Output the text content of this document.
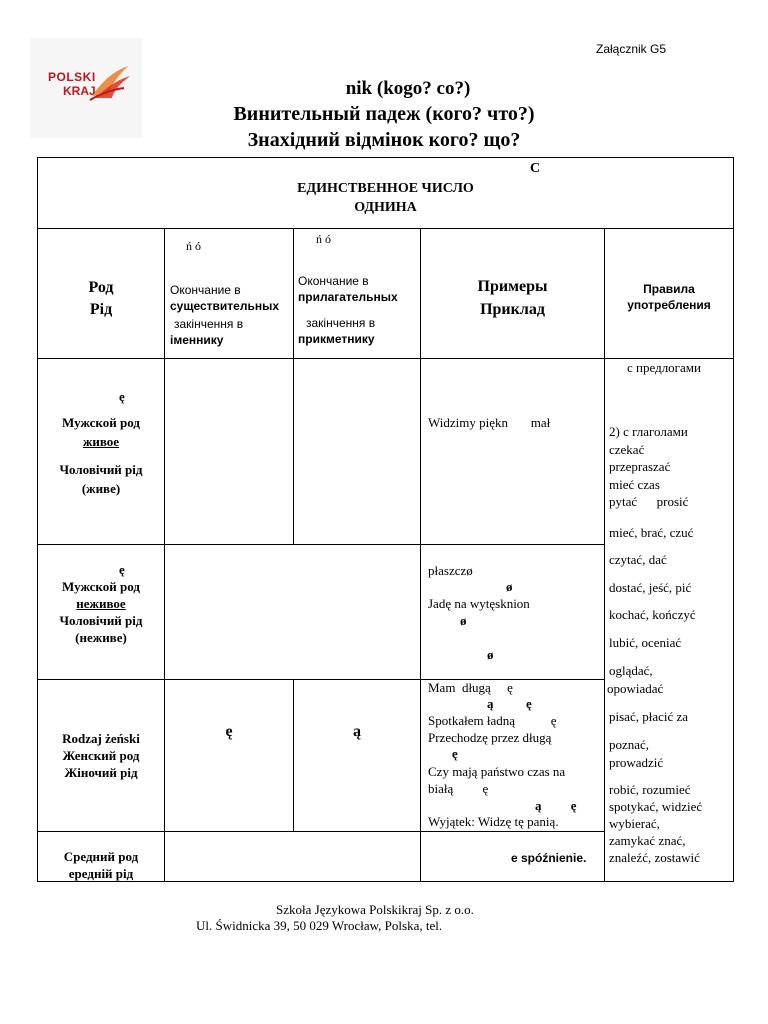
POLSKI
KRAJ
Załącznik G5
nik (kogo? co?)
Винительный падеж (кого? что?)
Знахідний відмінок кого? що?
С
ЕДИНСТВЕННОЕ ЧИСЛО
ОДНИНА
Род
Рід
ń ó
Окончание в
существительных
закінчення в
іменнику
ń ó
Окончание в
прилагательных
закінчення в
прикметнику
Примеры
Приклад
Правила
употребления
ę
Мужской род
живое
Чоловічий рід
(живе)
Widzimy piękn       mał
ę
Мужской род
неживое
Чоловічий рід
(неживе)
płaszczø
ø
Jadę na wytęsknion
ø
ø
Rodzaj żeński
Женский род
Жіночий рід
ę	ą
Mam  długą     ę
ą          ę
Spotkałem ładną           ę
Przechodzę przez długą
ę
Czy mają państwo czas na
białą         ę
ą         ę
Wyjątek: Widzę tę panią.
Средний род
ередній рід
e spóźnienie.
с предлогами
2) с глаголами
czekać
przepraszać
mieć czas
pytać      prosić
mieć, brać, czuć
czytać, dać
dostać, jeść, pić
kochać, kończyć
lubić, oceniać
oglądać,
opowiadać
pisać, płacić za
poznać,
prowadzić
robić, rozumieć
spotykać, widzieć
wybierać,
zamykać znać,
znaleźć, zostawić
Szkoła Językowa Polskikraj Sp. z o.o.
Ul. Świdnicka 39, 50 029 Wrocław, Polska, tel.
